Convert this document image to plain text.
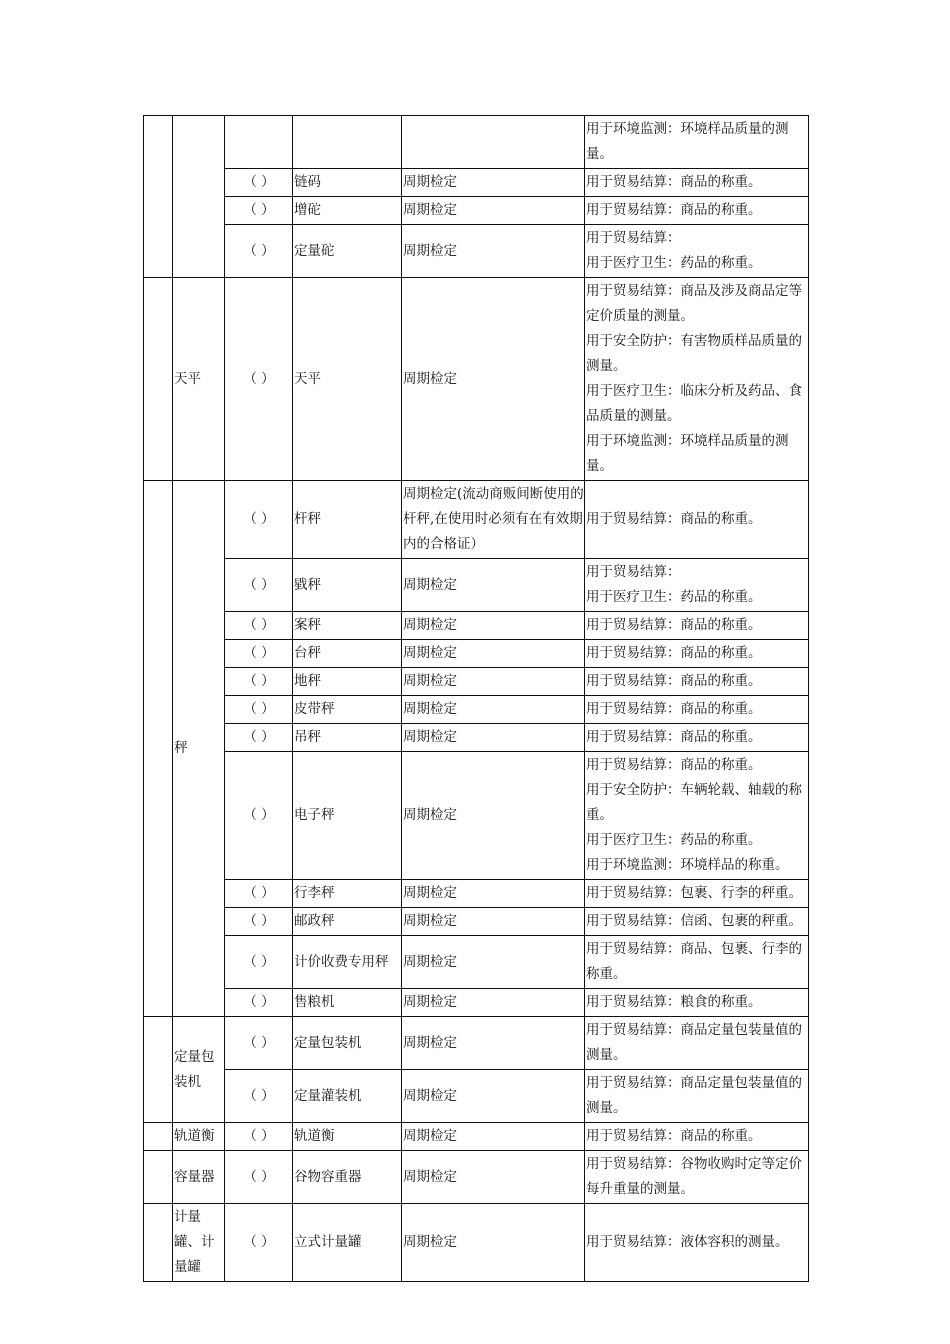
					用于环境监测：环境样品质量的测量。

		（ ）	链码	周期检定	用于贸易结算：商品的称重。

		（ ）	增砣	周期检定	用于贸易结算：商品的称重。

		（ ）	定量砣	周期检定	用于贸易结算：
用于医疗卫生：药品的称重。

	天平	（ ）	天平	周期检定	用于贸易结算：商品及涉及商品定等定价质量的测量。
用于安全防护：有害物质样品质量的测量。
用于医疗卫生：临床分析及药品、食品质量的测量。
用于环境监测：环境样品质量的测量。

	秤	（ ）	杆秤	周期检定(流动商贩间断使用的杆秤,在使用时必须有在有效期内的合格证）	用于贸易结算：商品的称重。

		（ ）	戥秤	周期检定	用于贸易结算：
用于医疗卫生：药品的称重。

		（ ）	案秤	周期检定	用于贸易结算：商品的称重。

		（ ）	台秤	周期检定	用于贸易结算：商品的称重。

		（ ）	地秤	周期检定	用于贸易结算：商品的称重。

		（ ）	皮带秤	周期检定	用于贸易结算：商品的称重。

		（ ）	吊秤	周期检定	用于贸易结算：商品的称重。

		（ ）	电子秤	周期检定	用于贸易结算：商品的称重。
用于安全防护：车辆轮载、轴载的称重。
用于医疗卫生：药品的称重。
用于环境监测：环境样品的称重。

		（ ）	行李秤	周期检定	用于贸易结算：包裹、行李的秤重。

		（ ）	邮政秤	周期检定	用于贸易结算：信函、包裹的秤重。

		（ ）	计价收费专用秤	周期检定	用于贸易结算：商品、包裹、行李的称重。

		（ ）	售粮机	周期检定	用于贸易结算：粮食的称重。

	定量包装机	（ ）	定量包装机	周期检定	用于贸易结算：商品定量包装量值的测量。

		（ ）	定量灌装机	周期检定	用于贸易结算：商品定量包装量值的测量。

	轨道衡	（ ）	轨道衡	周期检定	用于贸易结算：商品的称重。

	容量器	（ ）	谷物容重器	周期检定	用于贸易结算：谷物收购时定等定价每升重量的测量。

	计量罐、计量罐	（ ）	立式计量罐	周期检定	用于贸易结算：液体容积的测量。
